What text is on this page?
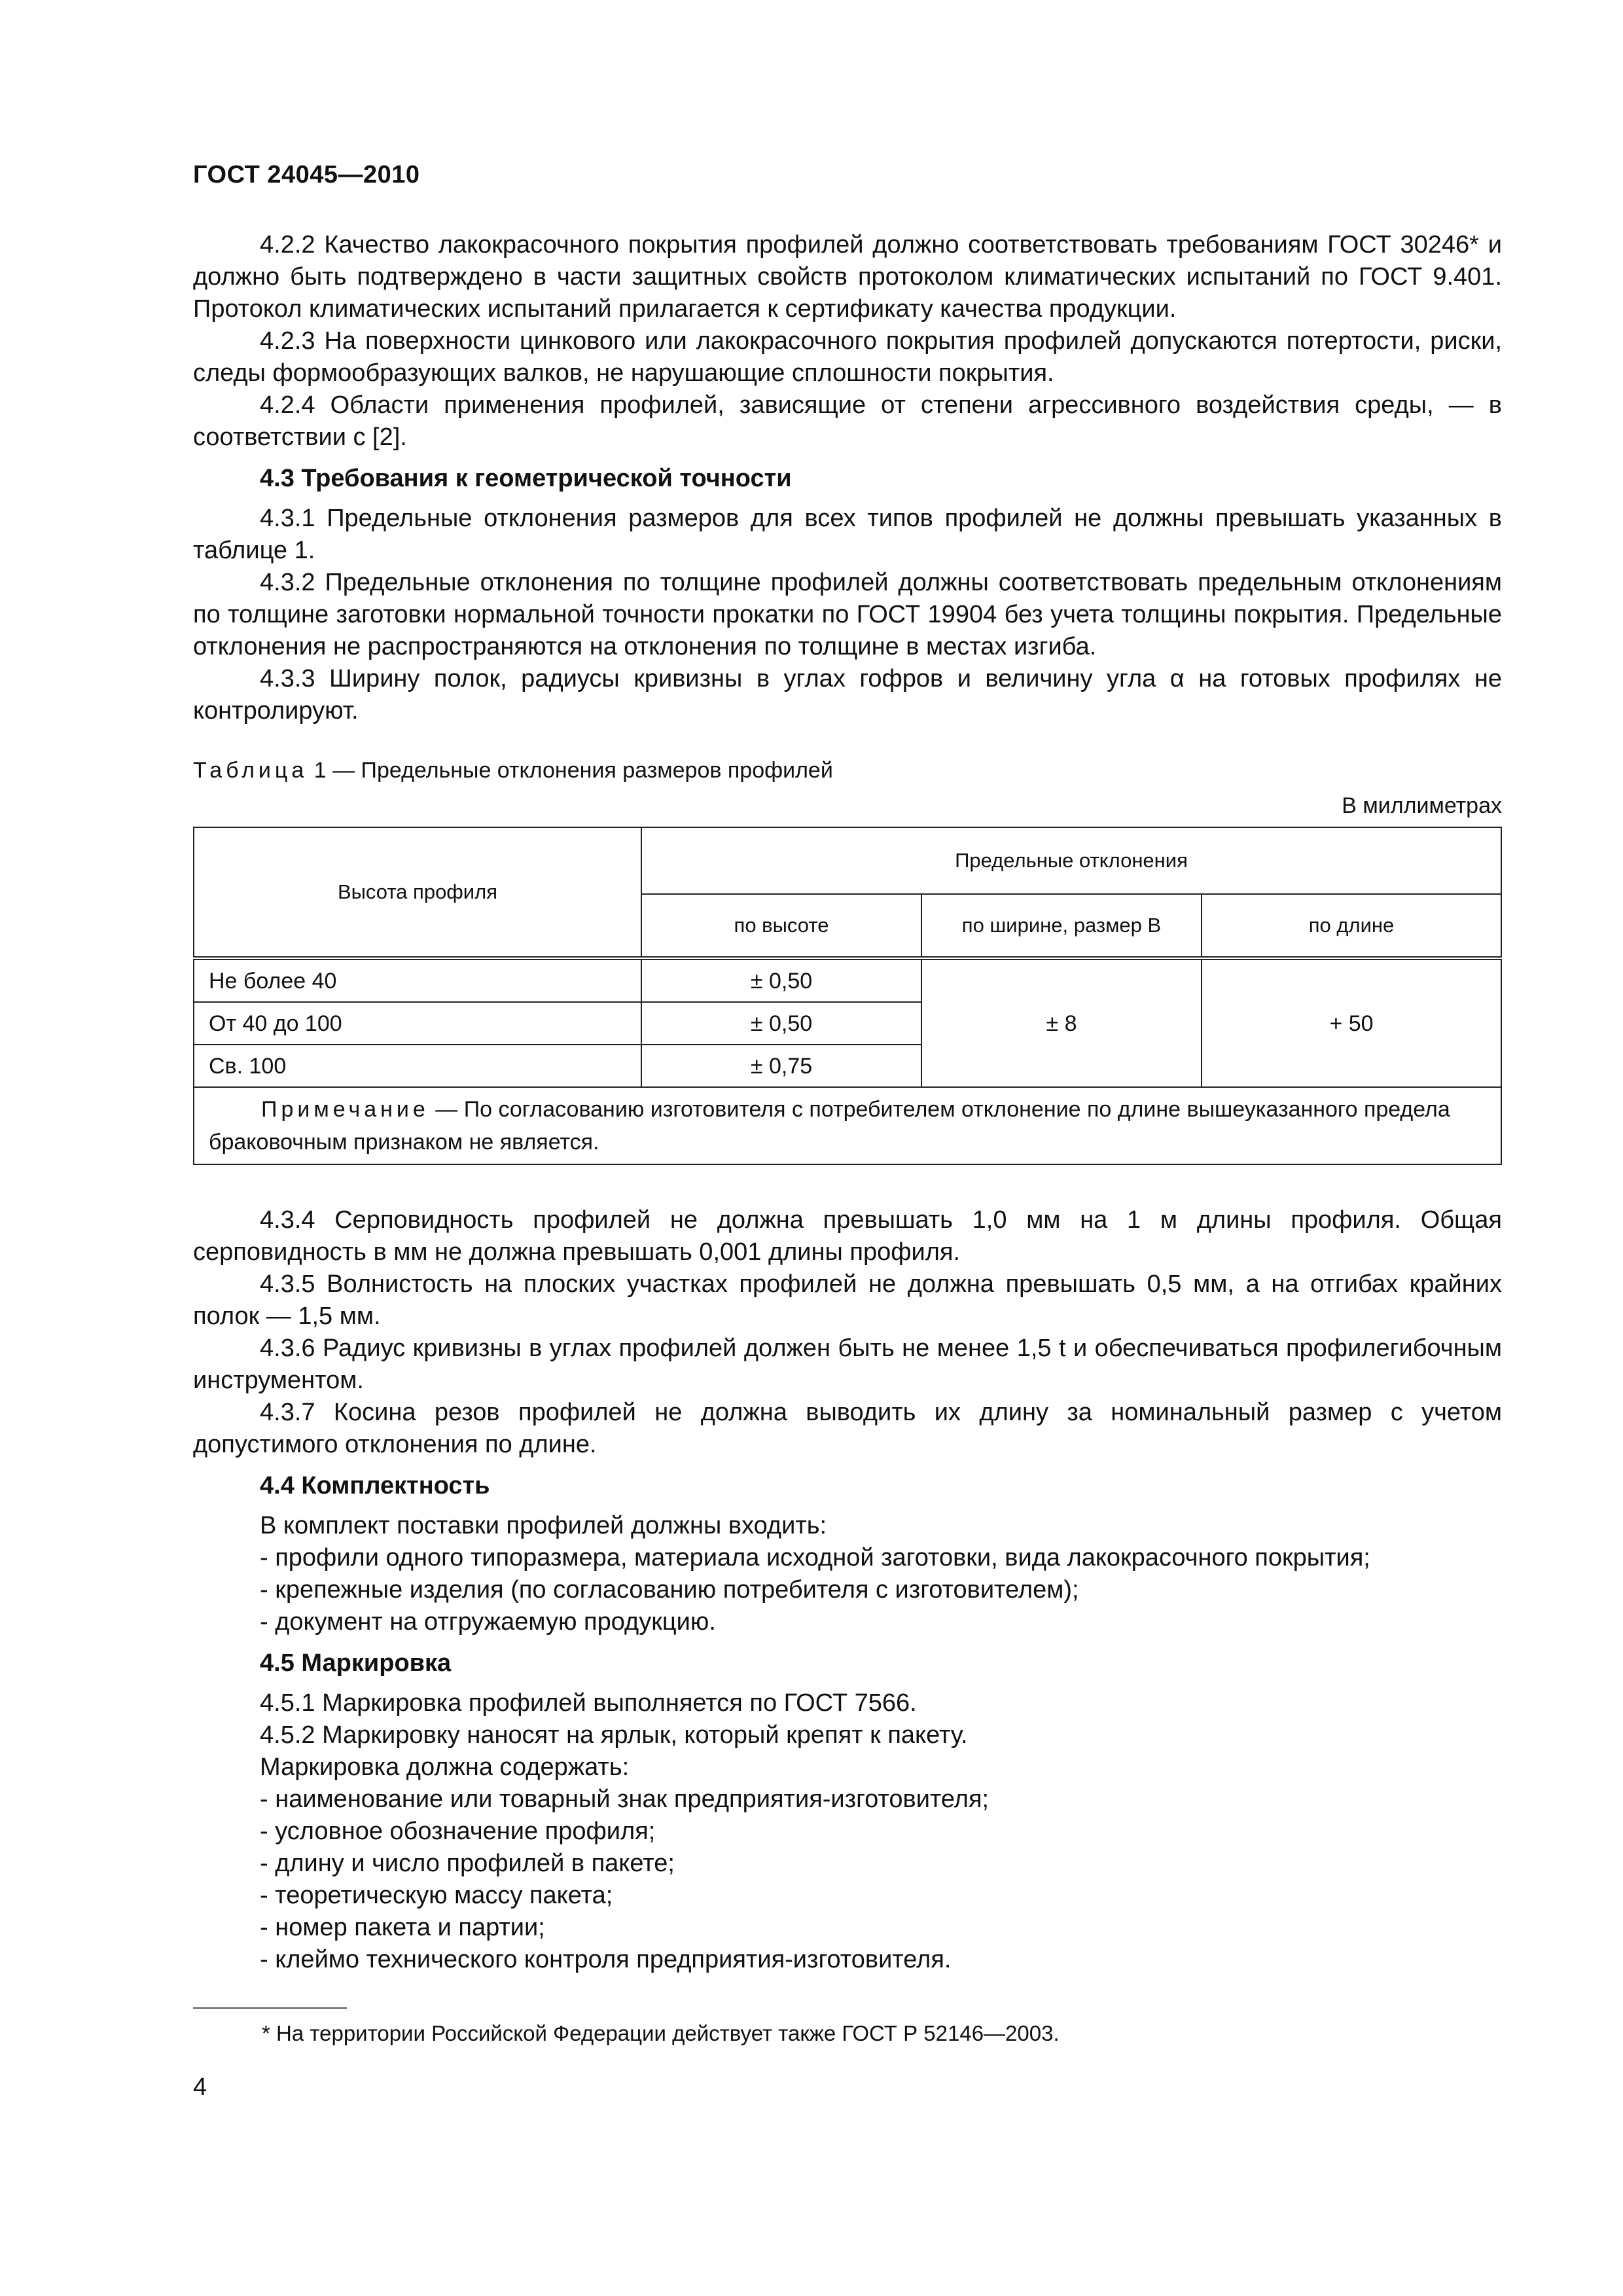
ГОСТ 24045—2010

4.2.2 Качество лакокрасочного покрытия профилей должно соответствовать требованиям ГОСТ 30246* и должно быть подтверждено в части защитных свойств протоколом климатических испытаний по ГОСТ 9.401. Протокол климатических испытаний прилагается к сертификату качества продукции.

4.2.3 На поверхности цинкового или лакокрасочного покрытия профилей допускаются потертости, риски, следы формообразующих валков, не нарушающие сплошности покрытия.

4.2.4 Области применения профилей, зависящие от степени агрессивного воздействия среды, — в соответствии с [2].

4.3 Требования к геометрической точности

4.3.1 Предельные отклонения размеров для всех типов профилей не должны превышать указанных в таблице 1.

4.3.2 Предельные отклонения по толщине профилей должны соответствовать предельным отклонениям по толщине заготовки нормальной точности прокатки по ГОСТ 19904 без учета толщины покрытия. Предельные отклонения не распространяются на отклонения по толщине в местах изгиба.

4.3.3 Ширину полок, радиусы кривизны в углах гофров и величину угла α на готовых профилях не контролируют.

Таблица 1 — Предельные отклонения размеров профилей
В миллиметрах
Высота профиля	Предельные отклонения		
	по высоте	по ширине, размер В	по длине
Не более 40	± 0,50	± 8	+ 50
От 40 до 100	± 0,50		
Св. 100	± 0,75		
Примечание — По согласованию изготовителя с потребителем отклонение по длине вышеуказанного предела браковочным признаком не является.			

4.3.4 Серповидность профилей не должна превышать 1,0 мм на 1 м длины профиля. Общая серповидность в мм не должна превышать 0,001 длины профиля.

4.3.5 Волнистость на плоских участках профилей не должна превышать 0,5 мм, а на отгибах крайних полок — 1,5 мм.

4.3.6 Радиус кривизны в углах профилей должен быть не менее 1,5 t и обеспечиваться профилегибочным инструментом.

4.3.7 Косина резов профилей не должна выводить их длину за номинальный размер с учетом допустимого отклонения по длине.

4.4 Комплектность

В комплект поставки профилей должны входить:

- профили одного типоразмера, материала исходной заготовки, вида лакокрасочного покрытия;

- крепежные изделия (по согласованию потребителя с изготовителем);

- документ на отгружаемую продукцию.

4.5 Маркировка

4.5.1 Маркировка профилей выполняется по ГОСТ 7566.

4.5.2 Маркировку наносят на ярлык, который крепят к пакету.

Маркировка должна содержать:

- наименование или товарный знак предприятия-изготовителя;

- условное обозначение профиля;

- длину и число профилей в пакете;

- теоретическую массу пакета;

- номер пакета и партии;

- клеймо технического контроля предприятия-изготовителя.

* На территории Российской Федерации действует также ГОСТ Р 52146—2003.
4
